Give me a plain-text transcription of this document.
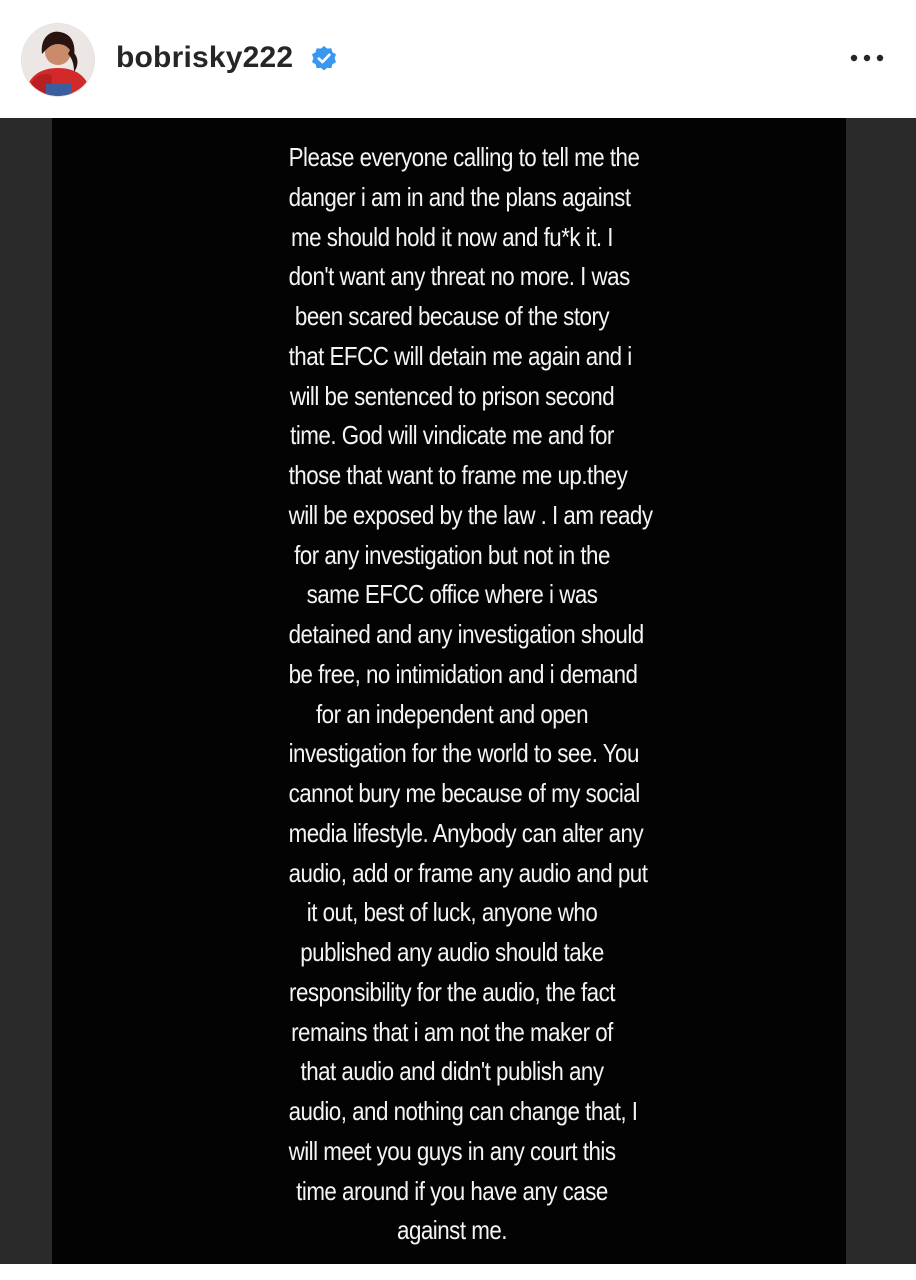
bobrisky222

Please everyone calling to tell me the
danger i am in and the plans against
me should hold it now and fu*k it. I
don't want any threat no more. I was
been scared because of the story
that EFCC will detain me again and i
will be sentenced to prison second
time. God will vindicate me and for
those that want to frame me up.they
will be exposed by the law . I am ready
for any investigation but not in the
same EFCC office where i was
detained and any investigation should
be free, no intimidation and i demand
for an independent and open
investigation for the world to see. You
cannot bury me because of my social
media lifestyle. Anybody can alter any
audio, add or frame any audio and put
it out, best of luck, anyone who
published any audio should take
responsibility for the audio, the fact
remains that i am not the maker of
that audio and didn't publish any
audio, and nothing can change that, I
will meet you guys in any court this
time around if you have any case
against me.
